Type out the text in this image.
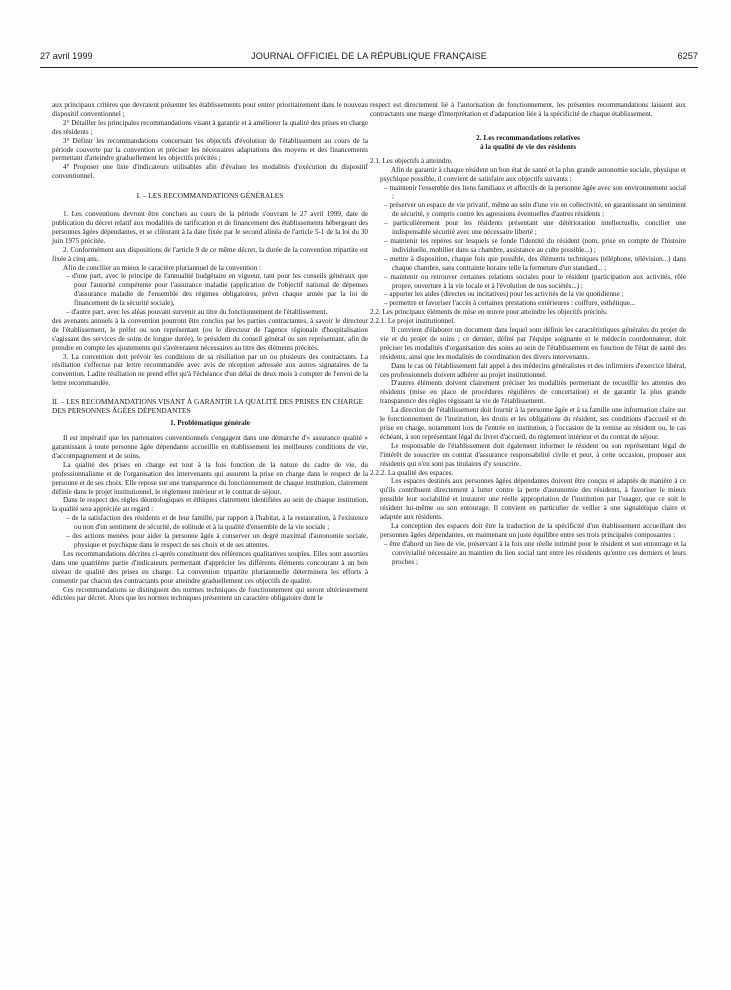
27 avril 1999	JOURNAL OFFICIEL DE LA RÉPUBLIQUE FRANÇAISE	6257

aux principaux critères que devraient présenter les établissements pour entrer prioritairement dans le nouveau dispositif conventionnel ;

2° Détailler les principales recommandations visant à garantir et à améliorer la qualité des prises en charge des résidents ;

3° Définir les recommandations concernant les objectifs d'évolution de l'établissement au cours de la période couverte par la convention et préciser les nécessaires adaptations des moyens et des financements permettant d'atteindre graduellement les objectifs précités ;

4° Proposer une liste d'indicateurs utilisables afin d'évaluer les modalités d'exécution du dispositif conventionnel.

I. – LES RECOMMANDATIONS GÉNÉRALES

1. Les conventions devront être conclues au cours de la période s'ouvrant le 27 avril 1999, date de publication du décret relatif aux modalités de tarification et de financement des établissements hébergeant des personnes âgées dépendantes, et se clôturant à la date fixée par le second alinéa de l'article 5-1 de la loi du 30 juin 1975 précitée.

2. Conformément aux dispositions de l'article 9 de ce même décret, la durée de la convention tripartite est fixée à cinq ans.

Afin de concilier au mieux le caractère pluriannuel de la convention :

– d'une part, avec le principe de l'annualité budgétaire en vigueur, tant pour les conseils généraux que pour l'autorité compétente pour l'assurance maladie (application de l'objectif national de dépenses d'assurance maladie de l'ensemble des régimes obligatoires, prévu chaque année par la loi de financement de la sécurité sociale),

– d'autre part, avec les aléas pouvant survenir au titre du fonctionnement de l'établissement,

des avenants annuels à la convention pourront être conclus par les parties contractantes, à savoir le directeur de l'établissement, le préfet ou son représentant (ou le directeur de l'agence régionale d'hospitalisation s'agissant des services de soins de longue durée), le président du conseil général ou son représentant, afin de prendre en compte les ajustements qui s'avéreraient nécessaires au titre des éléments précités.

3. La convention doit prévoir les conditions de sa résiliation par un ou plusieurs des contractants. La résiliation s'effectue par lettre recommandée avec avis de réception adressée aux autres signataires de la convention. Ladite résiliation ne prend effet qu'à l'échéance d'un délai de deux mois à compter de l'envoi de la lettre recommandée.

II. – LES RECOMMANDATIONS VISANT À GARANTIR LA QUALITÉ DES PRISES EN CHARGE DES PERSONNES ÂGÉES DÉPENDANTES

1. Problématique générale

Il est impératif que les partenaires conventionnels s'engagent dans une démarche d'« assurance qualité » garantissant à toute personne âgée dépendante accueillie en établissement les meilleures conditions de vie, d'accompagnement et de soins.

La qualité des prises en charge est tout à la fois fonction de la nature du cadre de vie, du professionnalisme et de l'organisation des intervenants qui assurent la prise en charge dans le respect de la personne et de ses choix. Elle repose sur une transparence du fonctionnement de chaque institution, clairement définie dans le projet institutionnel, le règlement intérieur et le contrat de séjour.

Dans le respect des règles déontologiques et éthiques clairement identifiées au sein de chaque institution, la qualité sera appréciée au regard :

– de la satisfaction des résidents et de leur famille, par rapport à l'habitat, à la restauration, à l'existence ou non d'un sentiment de sécurité, de solitude et à la qualité d'ensemble de la vie sociale ;

– des actions menées pour aider la personne âgée à conserver un degré maximal d'autonomie sociale, physique et psychique dans le respect de ses choix et de ses attentes.

Les recommandations décrites ci-après constituent des références qualitatives souples. Elles sont assorties dans une quatrième partie d'indicateurs permettant d'apprécier les différents éléments concourant à un bon niveau de qualité des prises en charge. La convention tripartite pluriannuelle déterminera les efforts à consentir par chacun des contractants pour atteindre graduellement ces objectifs de qualité.

Ces recommandations se distinguent des normes techniques de fonctionnement qui seront ultérieurement édictées par décret. Alors que les normes techniques présentent un caractère obligatoire dont le

respect est directement lié à l'autorisation de fonctionnement, les présentes recommandations laissent aux contractants une marge d'interprétation et d'adaptation liée à la spécificité de chaque établissement.

2. Les recommandations relatives
à la qualité de vie des résidents

2.1. Les objectifs à atteindre.

Afin de garantir à chaque résident un bon état de santé et la plus grande autonomie sociale, physique et psychique possible, il convient de satisfaire aux objectifs suivants :

– maintenir l'ensemble des liens familiaux et affectifs de la personne âgée avec son environnement social ;

– préserver un espace de vie privatif, même au sein d'une vie en collectivité, en garantissant un sentiment de sécurité, y compris contre les agressions éventuelles d'autres résidents ;

– particulièrement pour les résidents présentant une détérioration intellectuelle, concilier une indispensable sécurité avec une nécessaire liberté ;

– maintenir les repères sur lesquels se fonde l'identité du résident (nom, prise en compte de l'histoire individuelle, mobilier dans sa chambre, assistance au culte possible...) ;

– mettre à disposition, chaque fois que possible, des éléments techniques (téléphone, télévision...) dans chaque chambre, sans contrainte horaire telle la fermeture d'un standard... ;

– maintenir ou retrouver certaines relations sociales pour le résident (participation aux activités, rôle propre, ouverture à la vie locale et à l'évolution de nos sociétés...) ;

– apporter les aides (directes ou incitatives) pour les activités de la vie quotidienne ;

– permettre et favoriser l'accès à certaines prestations extérieures : coiffure, esthétique...

2.2. Les principaux éléments de mise en œuvre pour atteindre les objectifs précités.

2.2.1. Le projet institutionnel.

Il convient d'élaborer un document dans lequel sont définis les caractéristiques générales du projet de vie et du projet de soins ; ce dernier, défini par l'équipe soignante et le médecin coordonnateur, doit préciser les modalités d'organisation des soins au sein de l'établissement en fonction de l'état de santé des résidents, ainsi que les modalités de coordination des divers intervenants.

Dans le cas où l'établissement fait appel à des médecins généralistes et des infirmiers d'exercice libéral, ces professionnels doivent adhérer au projet institutionnel.

D'autres éléments doivent clairement préciser les modalités permettant de recueillir les attentes des résidents (mise en place de procédures régulières de concertation) et de garantir la plus grande transparence des règles régissant la vie de l'établissement.

La direction de l'établissement doit fournir à la personne âgée et à sa famille une information claire sur le fonctionnement de l'institution, les droits et les obligations du résident, ses conditions d'accueil et de prise en charge, notamment lors de l'entrée en institution, à l'occasion de la remise au résident ou, le cas échéant, à son représentant légal du livret d'accueil, du règlement intérieur et du contrat de séjour.

Le responsable de l'établissement doit également informer le résident ou son représentant légal de l'intérêt de souscrire un contrat d'assurance responsabilité civile et peut, à cette occasion, proposer aux résidents qui n'en sont pas titulaires d'y souscrire.

2.2.2. La qualité des espaces.

Les espaces destinés aux personnes âgées dépendantes doivent être conçus et adaptés de manière à ce qu'ils contribuent directement à lutter contre la perte d'autonomie des résidents, à favoriser le mieux possible leur sociabilité et instaurer une réelle appropriation de l'institution par l'usager, que ce soit le résident lui-même ou son entourage. Il convient en particulier de veiller à une signalétique claire et adaptée aux résidents.

La conception des espaces doit être la traduction de la spécificité d'un établissement accueillant des personnes âgées dépendantes, en maintenant un juste équilibre entre ses trois principales composantes :

– être d'abord un lieu de vie, préservant à la fois une réelle intimité pour le résident et son entourage et la convivialité nécessaire au maintien du lien social tant entre les résidents qu'entre ces derniers et leurs proches ;
